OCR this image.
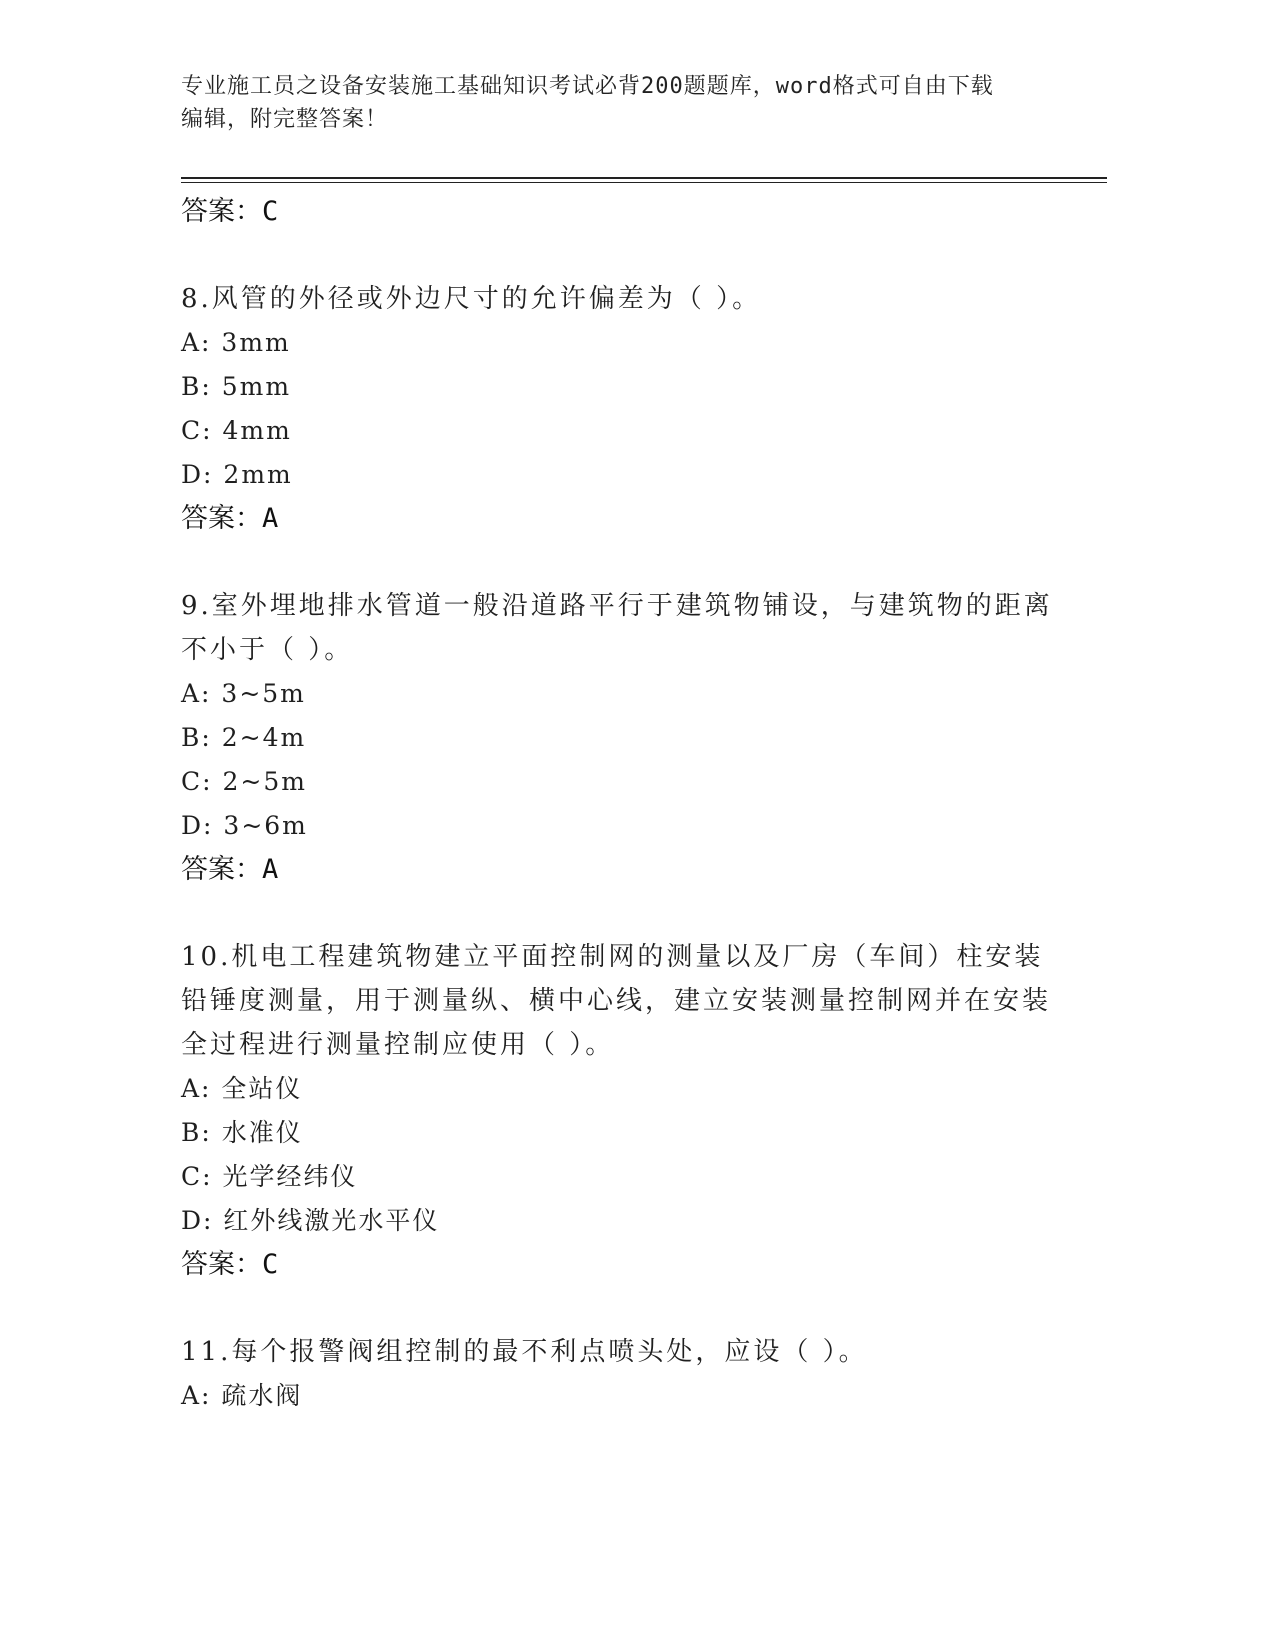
专业施工员之设备安装施工基础知识考试必背200题题库，word格式可自由下载
编辑，附完整答案！
答案：C
8.风管的外径或外边尺寸的允许偏差为（ ）。
A: 3mm
B: 5mm
C: 4mm
D: 2mm
答案：A
9.室外埋地排水管道一般沿道路平行于建筑物铺设，与建筑物的距离不小于（ ）。
A: 3~5m
B: 2~4m
C: 2~5m
D: 3~6m
答案：A
10.机电工程建筑物建立平面控制网的测量以及厂房（车间）柱安装铅锤度测量，用于测量纵、横中心线，建立安装测量控制网并在安装全过程进行测量控制应使用（ ）。
A: 全站仪
B: 水准仪
C: 光学经纬仪
D: 红外线激光水平仪
答案：C
11.每个报警阀组控制的最不利点喷头处，应设（ ）。
A: 疏水阀
